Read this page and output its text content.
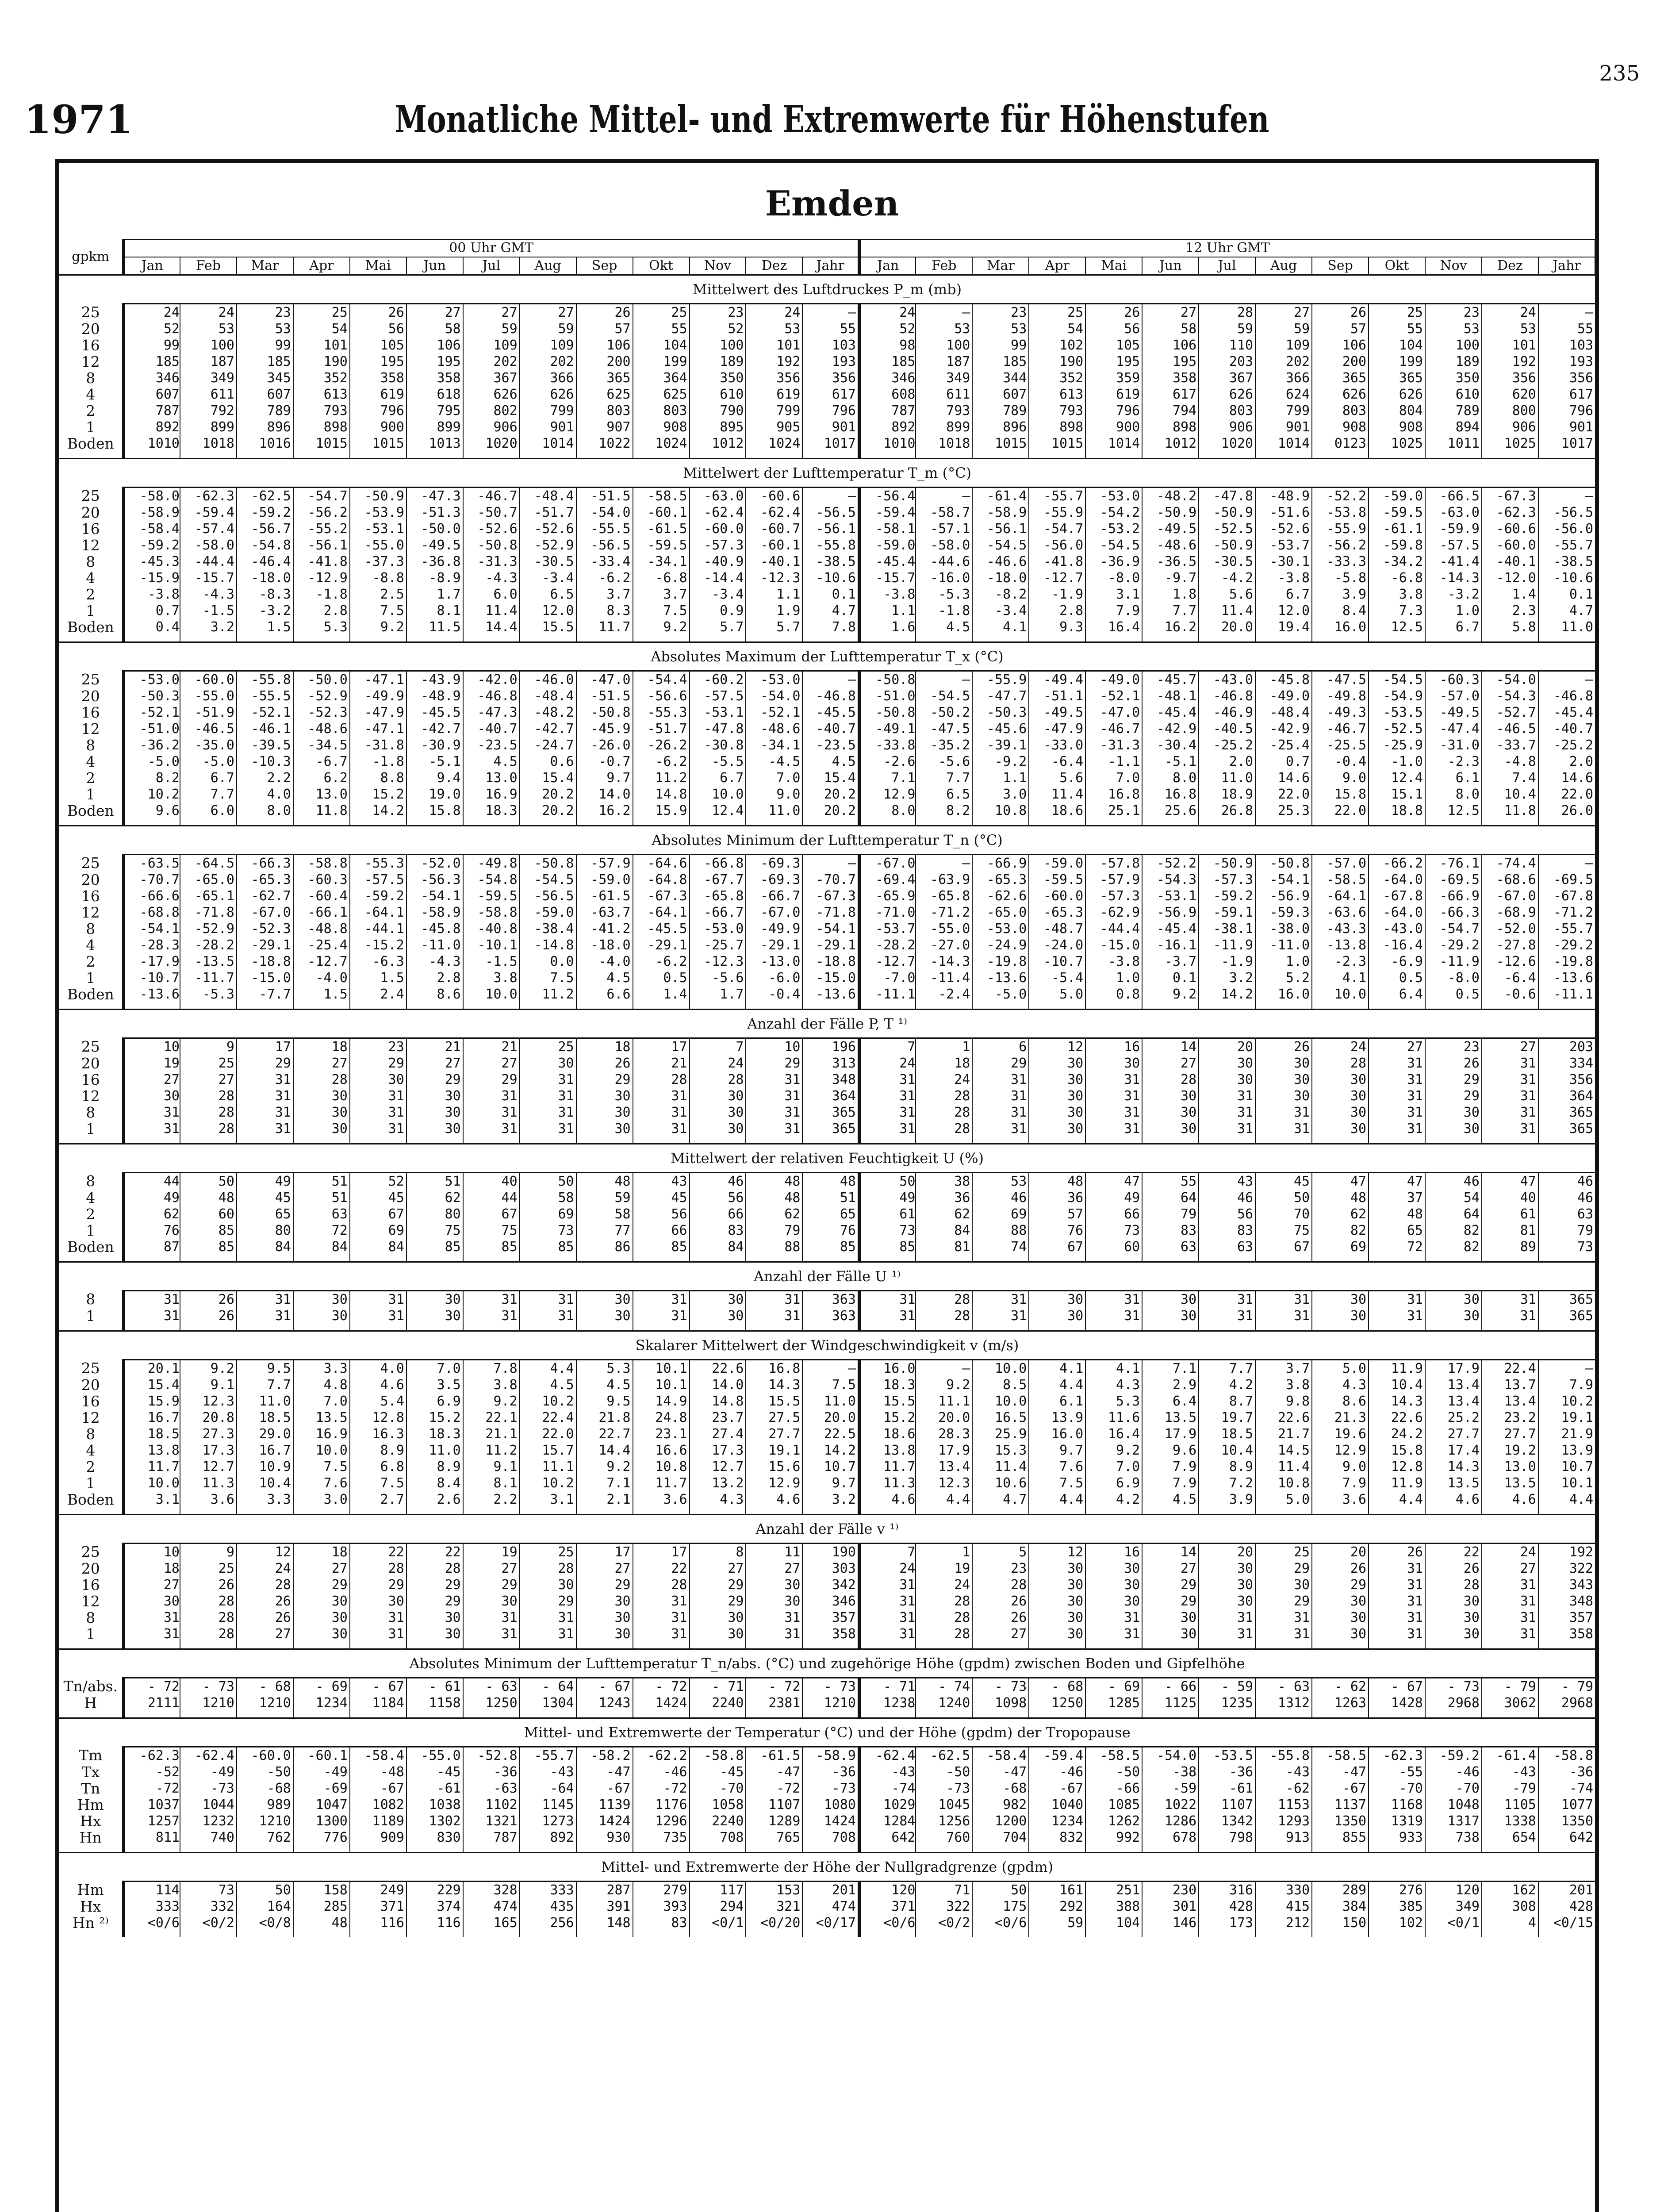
235
1971	Monatliche Mittel- und Extremwerte für Höhenstufen
Emden
gpkm	00 Uhr GMT													12 Uhr GMT												
	Jan	Feb	Mar	Apr	Mai	Jun	Jul	Aug	Sep	Okt	Nov	Dez	Jahr	Jan	Feb	Mar	Apr	Mai	Jun	Jul	Aug	Sep	Okt	Nov	Dez	Jahr
Mittelwert des Luftdruckes P_m (mb)																										
25	24	24	23	25	26	27	27	27	26	25	23	24	–	24	–	23	25	26	27	28	27	26	25	23	24	–
20	52	53	53	54	56	58	59	59	57	55	52	53	55	52	53	53	54	56	58	59	59	57	55	53	53	55
16	99	100	99	101	105	106	109	109	106	104	100	101	103	98	100	99	102	105	106	110	109	106	104	100	101	103
12	185	187	185	190	195	195	202	202	200	199	189	192	193	185	187	185	190	195	195	203	202	200	199	189	192	193
8	346	349	345	352	358	358	367	366	365	364	350	356	356	346	349	344	352	359	358	367	366	365	365	350	356	356
4	607	611	607	613	619	618	626	626	625	625	610	619	617	608	611	607	613	619	617	626	624	626	626	610	620	617
2	787	792	789	793	796	795	802	799	803	803	790	799	796	787	793	789	793	796	794	803	799	803	804	789	800	796
1	892	899	896	898	900	899	906	901	907	908	895	905	901	892	899	896	898	900	898	906	901	908	908	894	906	901
Boden	1010	1018	1016	1015	1015	1013	1020	1014	1022	1024	1012	1024	1017	1010	1018	1015	1015	1014	1012	1020	1014	0123	1025	1011	1025	1017

Mittelwert der Lufttemperatur T_m (°C)																										
25	-58.0	-62.3	-62.5	-54.7	-50.9	-47.3	-46.7	-48.4	-51.5	-58.5	-63.0	-60.6	–	-56.4	–	-61.4	-55.7	-53.0	-48.2	-47.8	-48.9	-52.2	-59.0	-66.5	-67.3	–
20	-58.9	-59.4	-59.2	-56.2	-53.9	-51.3	-50.7	-51.7	-54.0	-60.1	-62.4	-62.4	-56.5	-59.4	-58.7	-58.9	-55.9	-54.2	-50.9	-50.9	-51.6	-53.8	-59.5	-63.0	-62.3	-56.5
16	-58.4	-57.4	-56.7	-55.2	-53.1	-50.0	-52.6	-52.6	-55.5	-61.5	-60.0	-60.7	-56.1	-58.1	-57.1	-56.1	-54.7	-53.2	-49.5	-52.5	-52.6	-55.9	-61.1	-59.9	-60.6	-56.0
12	-59.2	-58.0	-54.8	-56.1	-55.0	-49.5	-50.8	-52.9	-56.5	-59.5	-57.3	-60.1	-55.8	-59.0	-58.0	-54.5	-56.0	-54.5	-48.6	-50.9	-53.7	-56.2	-59.8	-57.5	-60.0	-55.7
8	-45.3	-44.4	-46.4	-41.8	-37.3	-36.8	-31.3	-30.5	-33.4	-34.1	-40.9	-40.1	-38.5	-45.4	-44.6	-46.6	-41.8	-36.9	-36.5	-30.5	-30.1	-33.3	-34.2	-41.4	-40.1	-38.5
4	-15.9	-15.7	-18.0	-12.9	-8.8	-8.9	-4.3	-3.4	-6.2	-6.8	-14.4	-12.3	-10.6	-15.7	-16.0	-18.0	-12.7	-8.0	-9.7	-4.2	-3.8	-5.8	-6.8	-14.3	-12.0	-10.6
2	-3.8	-4.3	-8.3	-1.8	2.5	1.7	6.0	6.5	3.7	3.7	-3.4	1.1	0.1	-3.8	-5.3	-8.2	-1.9	3.1	1.8	5.6	6.7	3.9	3.8	-3.2	1.4	0.1
1	0.7	-1.5	-3.2	2.8	7.5	8.1	11.4	12.0	8.3	7.5	0.9	1.9	4.7	1.1	-1.8	-3.4	2.8	7.9	7.7	11.4	12.0	8.4	7.3	1.0	2.3	4.7
Boden	0.4	3.2	1.5	5.3	9.2	11.5	14.4	15.5	11.7	9.2	5.7	5.7	7.8	1.6	4.5	4.1	9.3	16.4	16.2	20.0	19.4	16.0	12.5	6.7	5.8	11.0

Absolutes Maximum der Lufttemperatur T_x (°C)																										
25	-53.0	-60.0	-55.8	-50.0	-47.1	-43.9	-42.0	-46.0	-47.0	-54.4	-60.2	-53.0	–	-50.8	–	-55.9	-49.4	-49.0	-45.7	-43.0	-45.8	-47.5	-54.5	-60.3	-54.0	–
20	-50.3	-55.0	-55.5	-52.9	-49.9	-48.9	-46.8	-48.4	-51.5	-56.6	-57.5	-54.0	-46.8	-51.0	-54.5	-47.7	-51.1	-52.1	-48.1	-46.8	-49.0	-49.8	-54.9	-57.0	-54.3	-46.8
16	-52.1	-51.9	-52.1	-52.3	-47.9	-45.5	-47.3	-48.2	-50.8	-55.3	-53.1	-52.1	-45.5	-50.8	-50.2	-50.3	-49.5	-47.0	-45.4	-46.9	-48.4	-49.3	-53.5	-49.5	-52.7	-45.4
12	-51.0	-46.5	-46.1	-48.6	-47.1	-42.7	-40.7	-42.7	-45.9	-51.7	-47.8	-48.6	-40.7	-49.1	-47.5	-45.6	-47.9	-46.7	-42.9	-40.5	-42.9	-46.7	-52.5	-47.4	-46.5	-40.7
8	-36.2	-35.0	-39.5	-34.5	-31.8	-30.9	-23.5	-24.7	-26.0	-26.2	-30.8	-34.1	-23.5	-33.8	-35.2	-39.1	-33.0	-31.3	-30.4	-25.2	-25.4	-25.5	-25.9	-31.0	-33.7	-25.2
4	-5.0	-5.0	-10.3	-6.7	-1.8	-5.1	4.5	0.6	-0.7	-6.2	-5.5	-4.5	4.5	-2.6	-5.6	-9.2	-6.4	-1.1	-5.1	2.0	0.7	-0.4	-1.0	-2.3	-4.8	2.0
2	8.2	6.7	2.2	6.2	8.8	9.4	13.0	15.4	9.7	11.2	6.7	7.0	15.4	7.1	7.7	1.1	5.6	7.0	8.0	11.0	14.6	9.0	12.4	6.1	7.4	14.6
1	10.2	7.7	4.0	13.0	15.2	19.0	16.9	20.2	14.0	14.8	10.0	9.0	20.2	12.9	6.5	3.0	11.4	16.8	16.8	18.9	22.0	15.8	15.1	8.0	10.4	22.0
Boden	9.6	6.0	8.0	11.8	14.2	15.8	18.3	20.2	16.2	15.9	12.4	11.0	20.2	8.0	8.2	10.8	18.6	25.1	25.6	26.8	25.3	22.0	18.8	12.5	11.8	26.0

Absolutes Minimum der Lufttemperatur T_n (°C)																										
25	-63.5	-64.5	-66.3	-58.8	-55.3	-52.0	-49.8	-50.8	-57.9	-64.6	-66.8	-69.3	–	-67.0	–	-66.9	-59.0	-57.8	-52.2	-50.9	-50.8	-57.0	-66.2	-76.1	-74.4	–
20	-70.7	-65.0	-65.3	-60.3	-57.5	-56.3	-54.8	-54.5	-59.0	-64.8	-67.7	-69.3	-70.7	-69.4	-63.9	-65.3	-59.5	-57.9	-54.3	-57.3	-54.1	-58.5	-64.0	-69.5	-68.6	-69.5
16	-66.6	-65.1	-62.7	-60.4	-59.2	-54.1	-59.5	-56.5	-61.5	-67.3	-65.8	-66.7	-67.3	-65.9	-65.8	-62.6	-60.0	-57.3	-53.1	-59.2	-56.9	-64.1	-67.8	-66.9	-67.0	-67.8
12	-68.8	-71.8	-67.0	-66.1	-64.1	-58.9	-58.8	-59.0	-63.7	-64.1	-66.7	-67.0	-71.8	-71.0	-71.2	-65.0	-65.3	-62.9	-56.9	-59.1	-59.3	-63.6	-64.0	-66.3	-68.9	-71.2
8	-54.1	-52.9	-52.3	-48.8	-44.1	-45.8	-40.8	-38.4	-41.2	-45.5	-53.0	-49.9	-54.1	-53.7	-55.0	-53.0	-48.7	-44.4	-45.4	-38.1	-38.0	-43.3	-43.0	-54.7	-52.0	-55.7
4	-28.3	-28.2	-29.1	-25.4	-15.2	-11.0	-10.1	-14.8	-18.0	-29.1	-25.7	-29.1	-29.1	-28.2	-27.0	-24.9	-24.0	-15.0	-16.1	-11.9	-11.0	-13.8	-16.4	-29.2	-27.8	-29.2
2	-17.9	-13.5	-18.8	-12.7	-6.3	-4.3	-1.5	0.0	-4.0	-6.2	-12.3	-13.0	-18.8	-12.7	-14.3	-19.8	-10.7	-3.8	-3.7	-1.9	1.0	-2.3	-6.9	-11.9	-12.6	-19.8
1	-10.7	-11.7	-15.0	-4.0	1.5	2.8	3.8	7.5	4.5	0.5	-5.6	-6.0	-15.0	-7.0	-11.4	-13.6	-5.4	1.0	0.1	3.2	5.2	4.1	0.5	-8.0	-6.4	-13.6
Boden	-13.6	-5.3	-7.7	1.5	2.4	8.6	10.0	11.2	6.6	1.4	1.7	-0.4	-13.6	-11.1	-2.4	-5.0	5.0	0.8	9.2	14.2	16.0	10.0	6.4	0.5	-0.6	-11.1

Anzahl der Fälle P, T ¹⁾																										
25	10	9	17	18	23	21	21	25	18	17	7	10	196	7	1	6	12	16	14	20	26	24	27	23	27	203
20	19	25	29	27	29	27	27	30	26	21	24	29	313	24	18	29	30	30	27	30	30	28	31	26	31	334
16	27	27	31	28	30	29	29	31	29	28	28	31	348	31	24	31	30	31	28	30	30	30	31	29	31	356
12	30	28	31	30	31	30	31	31	30	31	30	31	364	31	28	31	30	31	30	31	30	30	31	29	31	364
8	31	28	31	30	31	30	31	31	30	31	30	31	365	31	28	31	30	31	30	31	31	30	31	30	31	365
1	31	28	31	30	31	30	31	31	30	31	30	31	365	31	28	31	30	31	30	31	31	30	31	30	31	365

Mittelwert der relativen Feuchtigkeit U (%)																										
8	44	50	49	51	52	51	40	50	48	43	46	48	48	50	38	53	48	47	55	43	45	47	47	46	47	46
4	49	48	45	51	45	62	44	58	59	45	56	48	51	49	36	46	36	49	64	46	50	48	37	54	40	46
2	62	60	65	63	67	80	67	69	58	56	66	62	65	61	62	69	57	66	79	56	70	62	48	64	61	63
1	76	85	80	72	69	75	75	73	77	66	83	79	76	73	84	88	76	73	83	83	75	82	65	82	81	79
Boden	87	85	84	84	84	85	85	85	86	85	84	88	85	85	81	74	67	60	63	63	67	69	72	82	89	73

Anzahl der Fälle U ¹⁾																										
8	31	26	31	30	31	30	31	31	30	31	30	31	363	31	28	31	30	31	30	31	31	30	31	30	31	365
1	31	26	31	30	31	30	31	31	30	31	30	31	363	31	28	31	30	31	30	31	31	30	31	30	31	365

Skalarer Mittelwert der Windgeschwindigkeit v (m/s)																										
25	20.1	9.2	9.5	3.3	4.0	7.0	7.8	4.4	5.3	10.1	22.6	16.8	–	16.0	–	10.0	4.1	4.1	7.1	7.7	3.7	5.0	11.9	17.9	22.4	–
20	15.4	9.1	7.7	4.8	4.6	3.5	3.8	4.5	4.5	10.1	14.0	14.3	7.5	18.3	9.2	8.5	4.4	4.3	2.9	4.2	3.8	4.3	10.4	13.4	13.7	7.9
16	15.9	12.3	11.0	7.0	5.4	6.9	9.2	10.2	9.5	14.9	14.8	15.5	11.0	15.5	11.1	10.0	6.1	5.3	6.4	8.7	9.8	8.6	14.3	13.4	13.4	10.2
12	16.7	20.8	18.5	13.5	12.8	15.2	22.1	22.4	21.8	24.8	23.7	27.5	20.0	15.2	20.0	16.5	13.9	11.6	13.5	19.7	22.6	21.3	22.6	25.2	23.2	19.1
8	18.5	27.3	29.0	16.9	16.3	18.3	21.1	22.0	22.7	23.1	27.4	27.7	22.5	18.6	28.3	25.9	16.0	16.4	17.9	18.5	21.7	19.6	24.2	27.7	27.7	21.9
4	13.8	17.3	16.7	10.0	8.9	11.0	11.2	15.7	14.4	16.6	17.3	19.1	14.2	13.8	17.9	15.3	9.7	9.2	9.6	10.4	14.5	12.9	15.8	17.4	19.2	13.9
2	11.7	12.7	10.9	7.5	6.8	8.9	9.1	11.1	9.2	10.8	12.7	15.6	10.7	11.7	13.4	11.4	7.6	7.0	7.9	8.9	11.4	9.0	12.8	14.3	13.0	10.7
1	10.0	11.3	10.4	7.6	7.5	8.4	8.1	10.2	7.1	11.7	13.2	12.9	9.7	11.3	12.3	10.6	7.5	6.9	7.9	7.2	10.8	7.9	11.9	13.5	13.5	10.1
Boden	3.1	3.6	3.3	3.0	2.7	2.6	2.2	3.1	2.1	3.6	4.3	4.6	3.2	4.6	4.4	4.7	4.4	4.2	4.5	3.9	5.0	3.6	4.4	4.6	4.6	4.4

Anzahl der Fälle v ¹⁾																										
25	10	9	12	18	22	22	19	25	17	17	8	11	190	7	1	5	12	16	14	20	25	20	26	22	24	192
20	18	25	24	27	28	28	27	28	27	22	27	27	303	24	19	23	30	30	27	30	29	26	31	26	27	322
16	27	26	28	29	29	29	29	30	29	28	29	30	342	31	24	28	30	30	29	30	30	29	31	28	31	343
12	30	28	26	30	30	29	30	29	30	31	29	30	346	31	28	26	30	30	29	30	29	30	31	30	31	348
8	31	28	26	30	31	30	31	31	30	31	30	31	357	31	28	26	30	31	30	31	31	30	31	30	31	357
1	31	28	27	30	31	30	31	31	30	31	30	31	358	31	28	27	30	31	30	31	31	30	31	30	31	358

Absolutes Minimum der Lufttemperatur T_n/abs. (°C) und zugehörige Höhe (gpdm) zwischen Boden und Gipfelhöhe																										
Tn/abs.	- 72	- 73	- 68	- 69	- 67	- 61	- 63	- 64	- 67	- 72	- 71	- 72	- 73	- 71	- 74	- 73	- 68	- 69	- 66	- 59	- 63	- 62	- 67	- 73	- 79	- 79
H	2111	1210	1210	1234	1184	1158	1250	1304	1243	1424	2240	2381	1210	1238	1240	1098	1250	1285	1125	1235	1312	1263	1428	2968	3062	2968

Mittel- und Extremwerte der Temperatur (°C) und der Höhe (gpdm) der Tropopause																										
Tm	-62.3	-62.4	-60.0	-60.1	-58.4	-55.0	-52.8	-55.7	-58.2	-62.2	-58.8	-61.5	-58.9	-62.4	-62.5	-58.4	-59.4	-58.5	-54.0	-53.5	-55.8	-58.5	-62.3	-59.2	-61.4	-58.8
Tx	-52	-49	-50	-49	-48	-45	-36	-43	-47	-46	-45	-47	-36	-43	-50	-47	-46	-50	-38	-36	-43	-47	-55	-46	-43	-36
Tn	-72	-73	-68	-69	-67	-61	-63	-64	-67	-72	-70	-72	-73	-74	-73	-68	-67	-66	-59	-61	-62	-67	-70	-70	-79	-74
Hm	1037	1044	989	1047	1082	1038	1102	1145	1139	1176	1058	1107	1080	1029	1045	982	1040	1085	1022	1107	1153	1137	1168	1048	1105	1077
Hx	1257	1232	1210	1300	1189	1302	1321	1273	1424	1296	2240	1289	1424	1284	1256	1200	1234	1262	1286	1342	1293	1350	1319	1317	1338	1350
Hn	811	740	762	776	909	830	787	892	930	735	708	765	708	642	760	704	832	992	678	798	913	855	933	738	654	642

Mittel- und Extremwerte der Höhe der Nullgradgrenze (gpdm)																										
Hm	114	73	50	158	249	229	328	333	287	279	117	153	201	120	71	50	161	251	230	316	330	289	276	120	162	201
Hx	333	332	164	285	371	374	474	435	391	393	294	321	474	371	322	175	292	388	301	428	415	384	385	349	308	428
Hn ²⁾	<0/6	<0/2	<0/8	48	116	116	165	256	148	83	<0/1	<0/20	<0/17	<0/6	<0/2	<0/6	59	104	146	173	212	150	102	<0/1	4	<0/15
